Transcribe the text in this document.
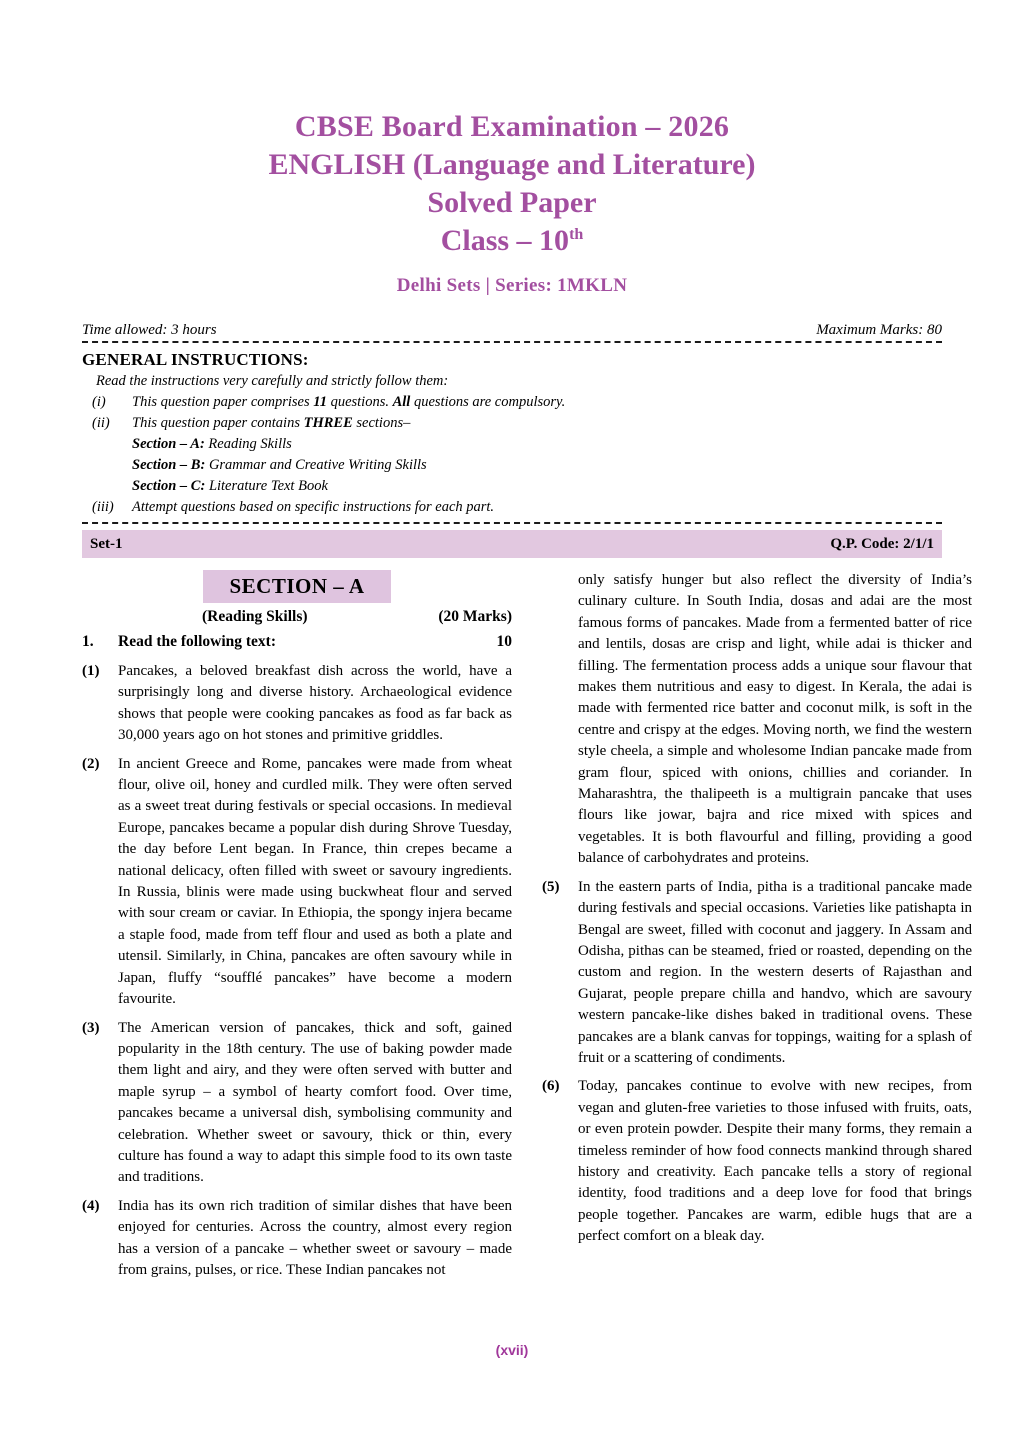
CBSE Board Examination – 2026
ENGLISH (Language and Literature)
Solved Paper
Class – 10th
Delhi Sets | Series: 1MKLN
Time allowed: 3 hours	Maximum Marks: 80
GENERAL INSTRUCTIONS:
Read the instructions very carefully and strictly follow them:
(i)	This question paper comprises 11 questions. All questions are compulsory.
(ii)	This question paper contains THREE sections–
Section – A: Reading Skills
Section – B: Grammar and Creative Writing Skills
Section – C: Literature Text Book
(iii)	Attempt questions based on specific instructions for each part.
Set-1	Q.P. Code: 2/1/1
SECTION – A
(Reading Skills)	(20 Marks)
1.	Read the following text:	10
(1)	Pancakes, a beloved breakfast dish across the world, have a surprisingly long and diverse history. Archaeological evidence shows that people were cooking pancakes as food as far back as 30,000 years ago on hot stones and primitive griddles.
(2)	In ancient Greece and Rome, pancakes were made from wheat flour, olive oil, honey and curdled milk. They were often served as a sweet treat during festivals or special occasions. In medieval Europe, pancakes became a popular dish during Shrove Tuesday, the day before Lent began. In France, thin crepes became a national delicacy, often filled with sweet or savoury ingredients. In Russia, blinis were made using buckwheat flour and served with sour cream or caviar. In Ethiopia, the spongy injera became a staple food, made from teff flour and used as both a plate and utensil. Similarly, in China, pancakes are often savoury while in Japan, fluffy “soufflé pancakes” have become a modern favourite.
(3)	The American version of pancakes, thick and soft, gained popularity in the 18th century. The use of baking powder made them light and airy, and they were often served with butter and maple syrup – a symbol of hearty comfort food. Over time, pancakes became a universal dish, symbolising community and celebration. Whether sweet or savoury, thick or thin, every culture has found a way to adapt this simple food to its own taste and traditions.
(4)	India has its own rich tradition of similar dishes that have been enjoyed for centuries. Across the country, almost every region has a version of a pancake – whether sweet or savoury – made from grains, pulses, or rice. These Indian pancakes not
only satisfy hunger but also reflect the diversity of India’s culinary culture. In South India, dosas and adai are the most famous forms of pancakes. Made from a fermented batter of rice and lentils, dosas are crisp and light, while adai is thicker and filling. The fermentation process adds a unique sour flavour that makes them nutritious and easy to digest. In Kerala, the adai is made with fermented rice batter and coconut milk, is soft in the centre and crispy at the edges. Moving north, we find the western style cheela, a simple and wholesome Indian pancake made from gram flour, spiced with onions, chillies and coriander. In Maharashtra, the thalipeeth is a multigrain pancake that uses flours like jowar, bajra and rice mixed with spices and vegetables. It is both flavourful and filling, providing a good balance of carbohydrates and proteins.
(5)	In the eastern parts of India, pitha is a traditional pancake made during festivals and special occasions. Varieties like patishapta in Bengal are sweet, filled with coconut and jaggery. In Assam and Odisha, pithas can be steamed, fried or roasted, depending on the custom and region. In the western deserts of Rajasthan and Gujarat, people prepare chilla and handvo, which are savoury western pancake-like dishes baked in traditional ovens. These pancakes are a blank canvas for toppings, waiting for a splash of fruit or a scattering of condiments.
(6)	Today, pancakes continue to evolve with new recipes, from vegan and gluten-free varieties to those infused with fruits, oats, or even protein powder. Despite their many forms, they remain a timeless reminder of how food connects mankind through shared history and creativity. Each pancake tells a story of regional identity, food traditions and a deep love for food that brings people together. Pancakes are warm, edible hugs that are a perfect comfort on a bleak day.
(xvii)
